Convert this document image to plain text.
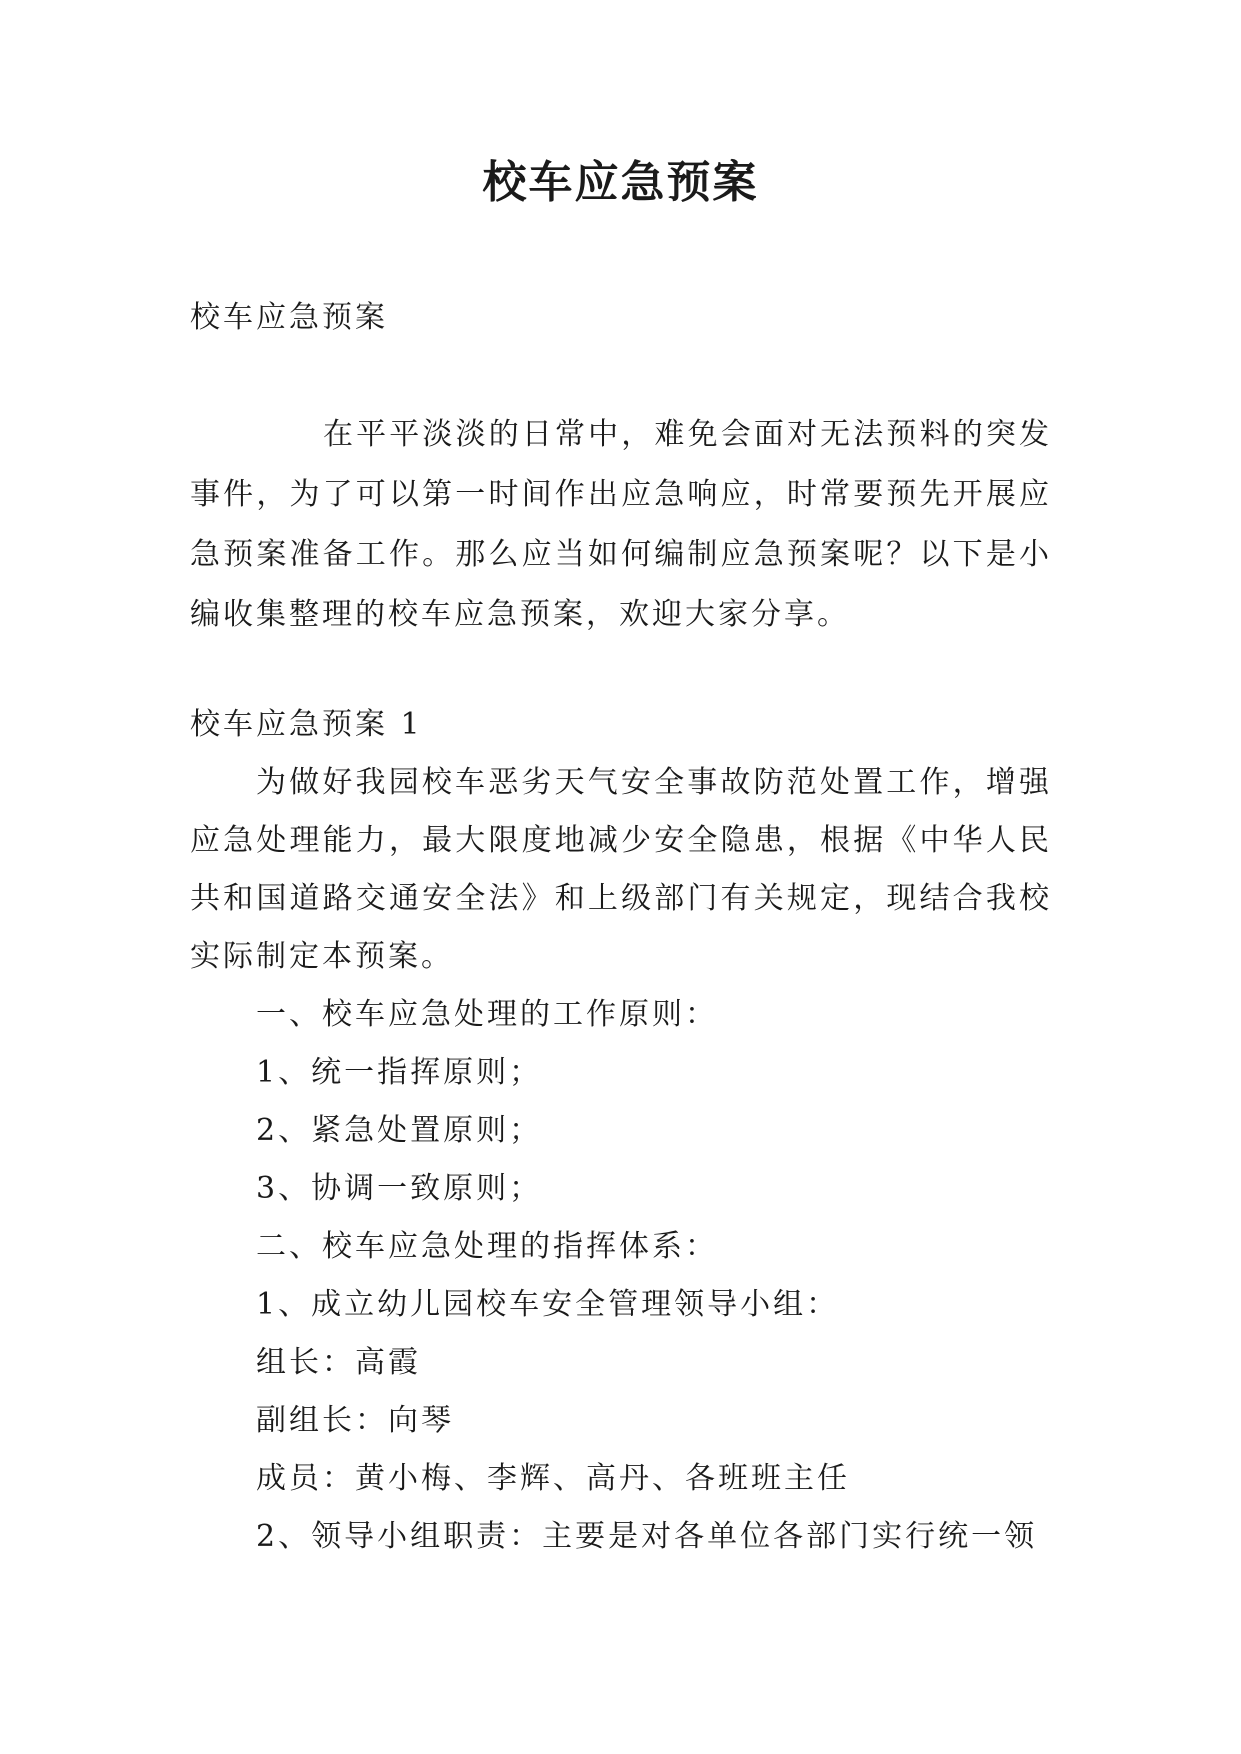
校车应急预案

校车应急预案

在平平淡淡的日常中，难免会面对无法预料的突发事件，为了可以第一时间作出应急响应，时常要预先开展应急预案准备工作。那么应当如何编制应急预案呢？以下是小编收集整理的校车应急预案，欢迎大家分享。

校车应急预案 1

为做好我园校车恶劣天气安全事故防范处置工作，增强应急处理能力，最大限度地减少安全隐患，根据《中华人民共和国道路交通安全法》和上级部门有关规定，现结合我校实际制定本预案。

一、校车应急处理的工作原则：

1、统一指挥原则；

2、紧急处置原则；

3、协调一致原则；

二、校车应急处理的指挥体系：

1、成立幼儿园校车安全管理领导小组：

组长：高霞

副组长：向琴

成员：黄小梅、李辉、高丹、各班班主任

2、领导小组职责：主要是对各单位各部门实行统一领
